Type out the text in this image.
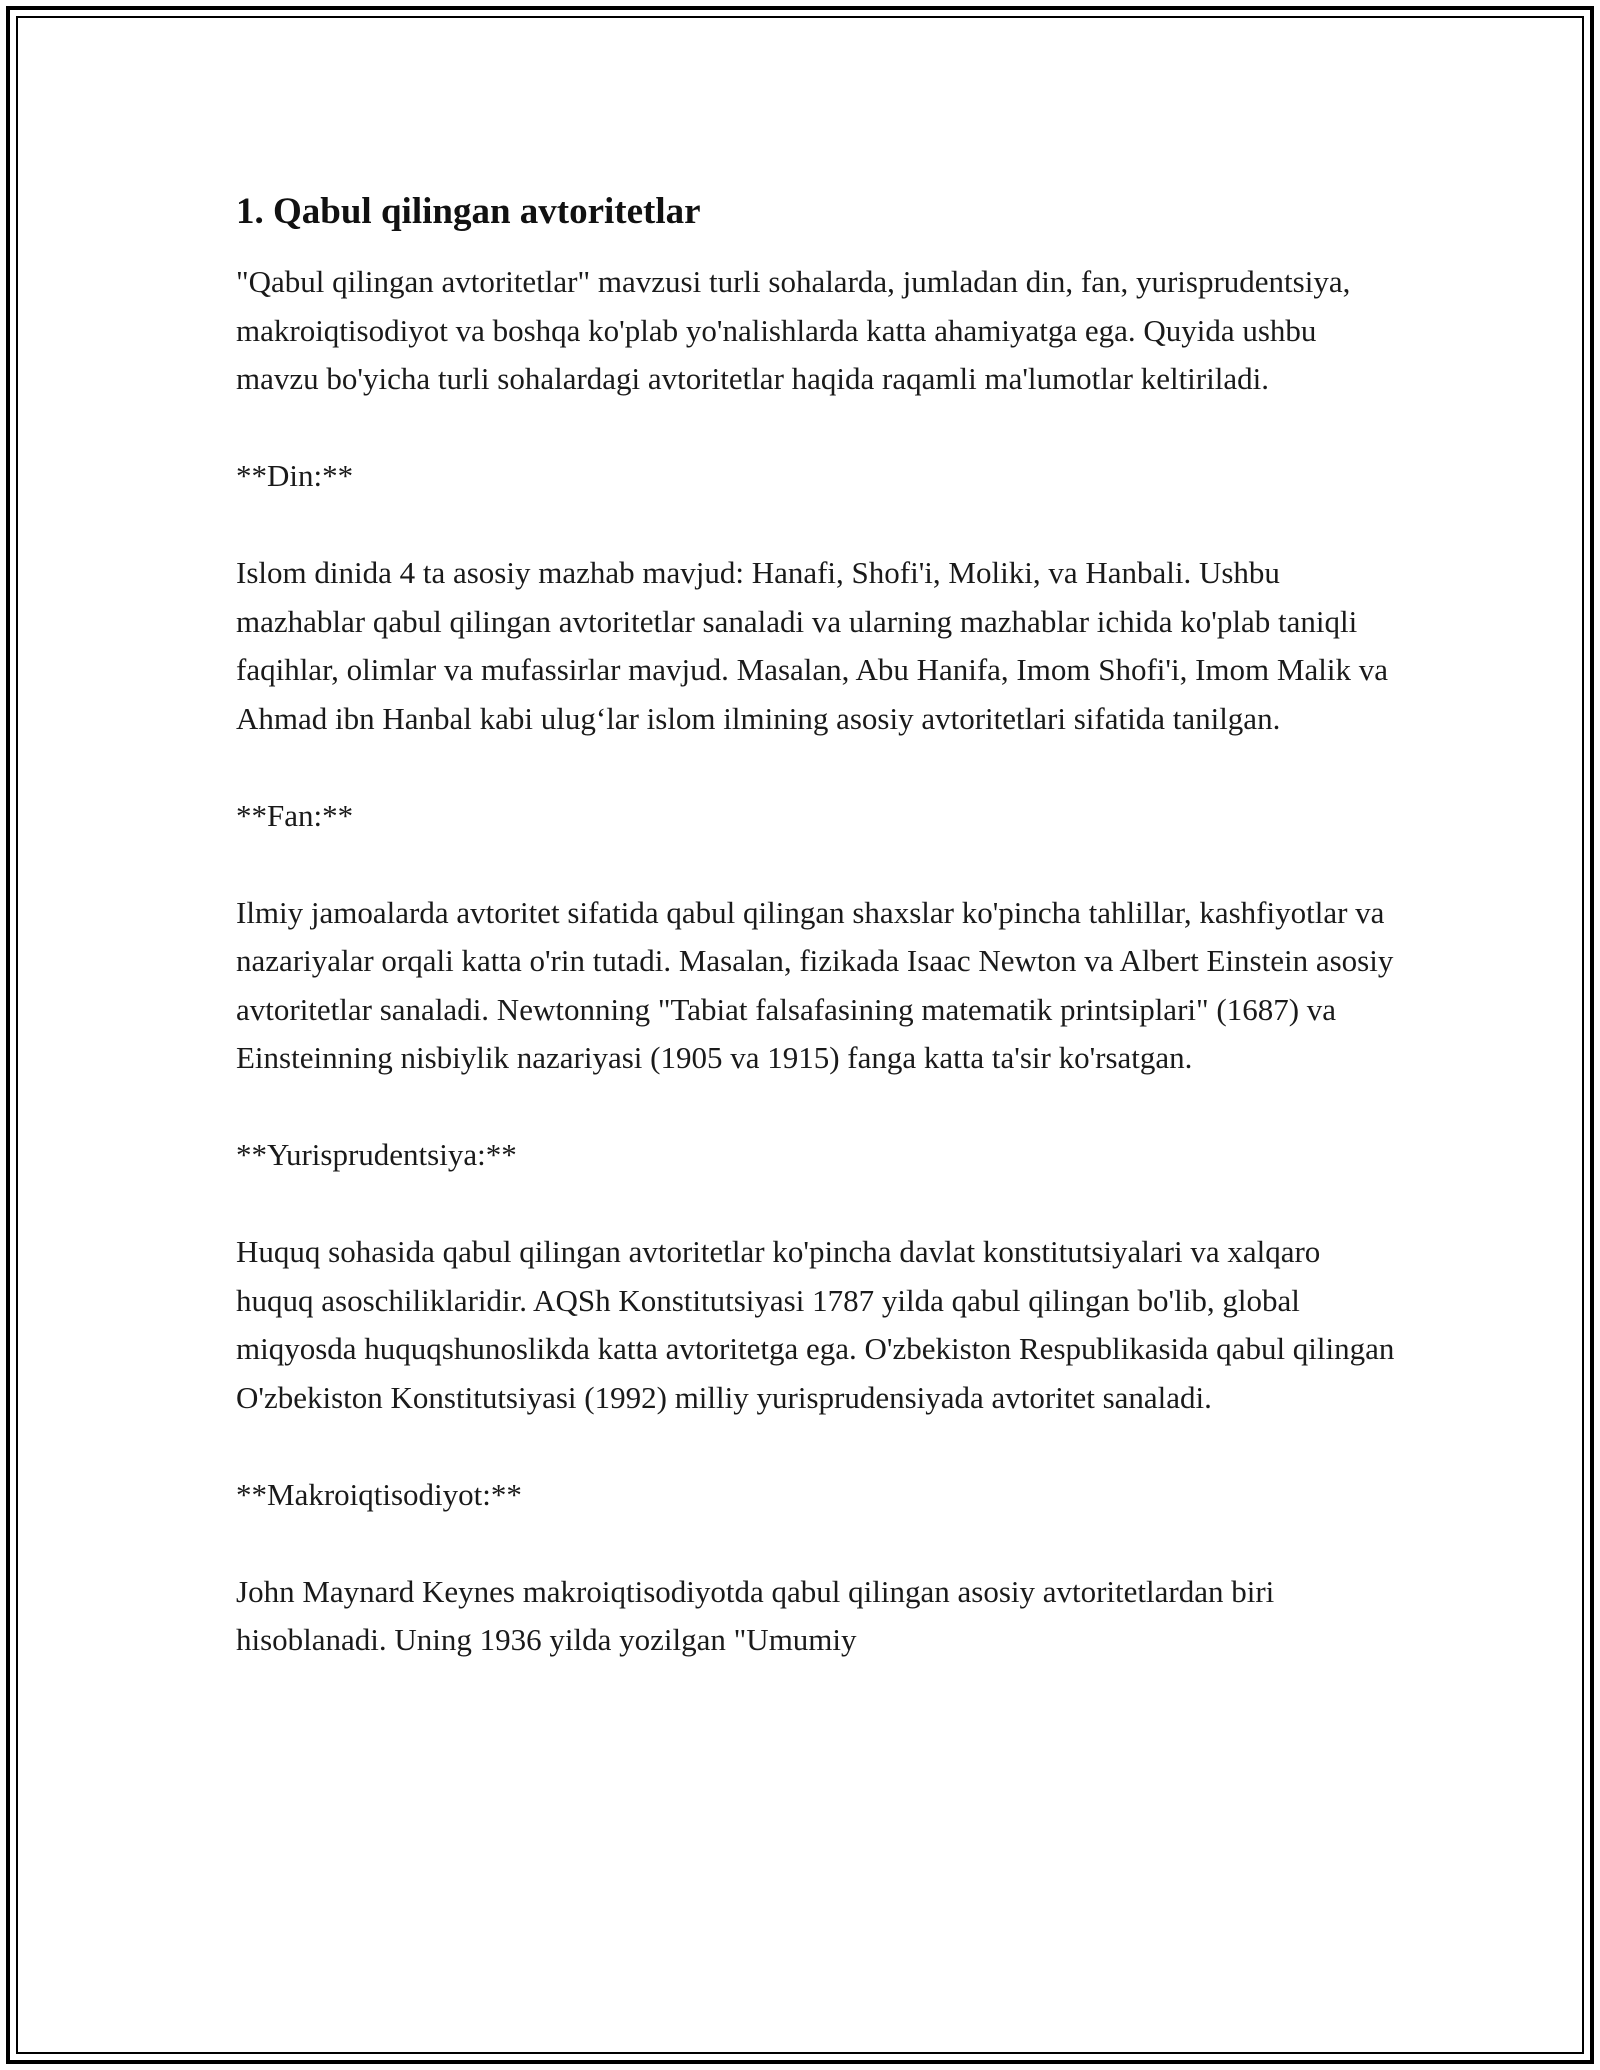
1. Qabul qilingan avtoritetlar

"Qabul qilingan avtoritetlar" mavzusi turli sohalarda, jumladan din, fan, yurisprudentsiya, makroiqtisodiyot va boshqa ko'plab yo'nalishlarda katta ahamiyatga ega. Quyida ushbu mavzu bo'yicha turli sohalardagi avtoritetlar haqida raqamli ma'lumotlar keltiriladi.

**Din:**

Islom dinida 4 ta asosiy mazhab mavjud: Hanafi, Shofi'i, Moliki, va Hanbali. Ushbu mazhablar qabul qilingan avtoritetlar sanaladi va ularning mazhablar ichida ko'plab taniqli faqihlar, olimlar va mufassirlar mavjud. Masalan, Abu Hanifa, Imom Shofi'i, Imom Malik va Ahmad ibn Hanbal kabi ulug‘lar islom ilmining asosiy avtoritetlari sifatida tanilgan.

**Fan:**

Ilmiy jamoalarda avtoritet sifatida qabul qilingan shaxslar ko'pincha tahlillar, kashfiyotlar va nazariyalar orqali katta o'rin tutadi. Masalan, fizikada Isaac Newton va Albert Einstein asosiy avtoritetlar sanaladi. Newtonning "Tabiat falsafasining matematik printsiplari" (1687) va Einsteinning nisbiylik nazariyasi (1905 va 1915) fanga katta ta'sir ko'rsatgan.

**Yurisprudentsiya:**

Huquq sohasida qabul qilingan avtoritetlar ko'pincha davlat konstitutsiyalari va xalqaro huquq asoschiliklaridir. AQSh Konstitutsiyasi 1787 yilda qabul qilingan bo'lib, global miqyosda huquqshunoslikda katta avtoritetga ega. O'zbekiston Respublikasida qabul qilingan O'zbekiston Konstitutsiyasi (1992) milliy yurisprudensiyada avtoritet sanaladi.

**Makroiqtisodiyot:**

John Maynard Keynes makroiqtisodiyotda qabul qilingan asosiy avtoritetlardan biri hisoblanadi. Uning 1936 yilda yozilgan "Umumiy
